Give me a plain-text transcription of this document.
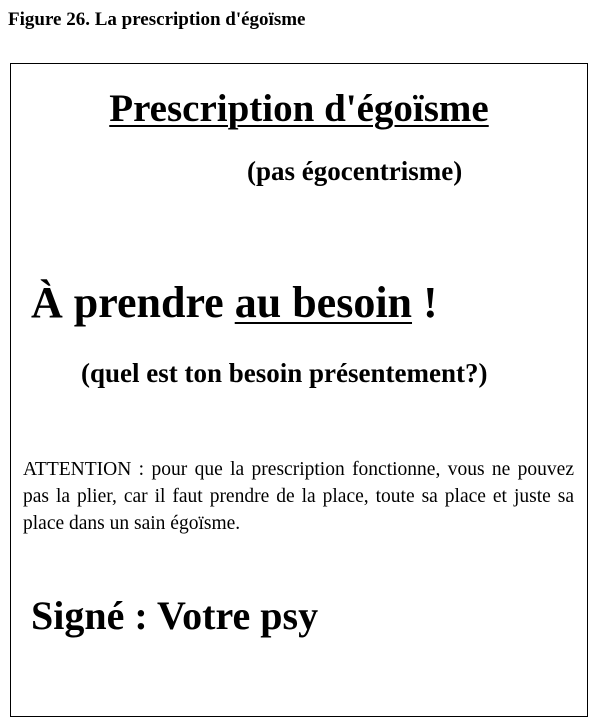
Figure 26. La prescription d'égoïsme
Prescription d'égoïsme
(pas égocentrisme)
À prendre au besoin !
(quel est ton besoin présentement?)
ATTENTION : pour que la prescription fonctionne, vous ne pouvez pas la plier, car il faut prendre de la place, toute sa place et juste sa place dans un sain égoïsme.
Signé : Votre psy
